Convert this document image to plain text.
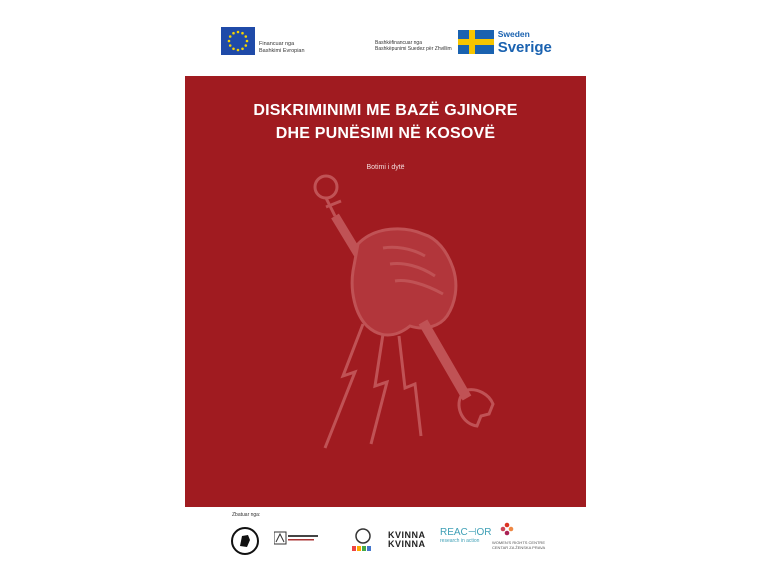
Financuar nga
Bashkimi Evropian
Bashkëfinancuar nga
Bashkëpunimi Suedez për Zhvillim
Sweden
Sverige
DISKRIMINIMI ME BAZË GJINORE
DHE PUNËSIMI NË KOSOVË
Botimi i dytë
Zbatuar nga:
KVINNA
KVINNA
REAC⊣OR
research in action	WOMEN'S RIGHTS CENTRE
CENTAR ZA ŽENSKA PRAVA
